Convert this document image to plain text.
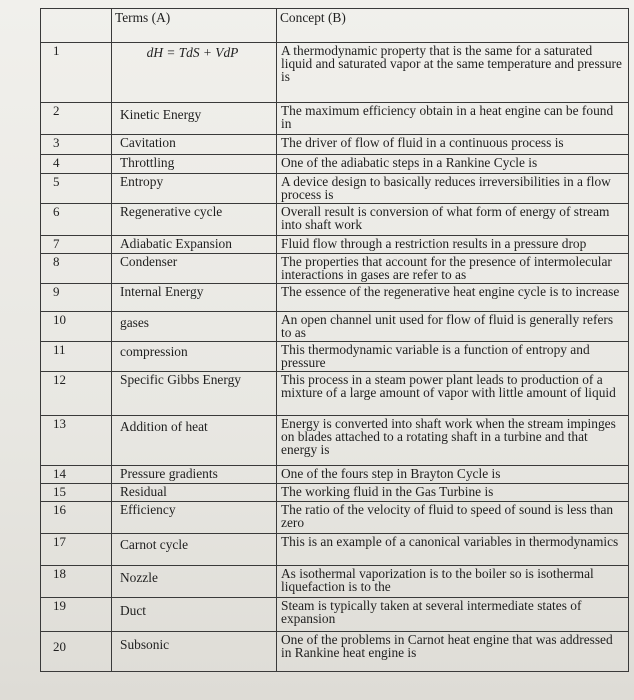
	Terms (A)	Concept (B)
1	dH = TdS + VdP	A thermodynamic property that is the same for a saturated liquid and saturated vapor at the same temperature and pressure is
2	Kinetic Energy	The maximum efficiency obtain in a heat engine can be found in
3	Cavitation	The driver of flow of fluid in a continuous process is
4	Throttling	One of the adiabatic steps in a Rankine Cycle is
5	Entropy	A device design to basically reduces irreversibilities in a flow process is
6	Regenerative cycle	Overall result is conversion of what form of energy of stream into shaft work
7	Adiabatic Expansion	Fluid flow through a restriction results in a pressure drop
8	Condenser	The properties that account for the presence of intermolecular interactions in gases are refer to as
9	Internal Energy	The essence of the regenerative heat engine cycle is to increase
10	gases	An open channel unit used for flow of fluid is generally refers to as
11	compression	This thermodynamic variable is a function of entropy and pressure
12	Specific Gibbs Energy	This process in a steam power plant leads to production of a mixture of a large amount of vapor with little amount of liquid
13	Addition of heat	Energy is converted into shaft work when the stream impinges on blades attached to a rotating shaft in a turbine and that energy is
14	Pressure gradients	One of the fours step in Brayton Cycle is
15	Residual	The working fluid in the Gas Turbine is
16	Efficiency	The ratio of the velocity of fluid to speed of sound is less than zero
17	Carnot cycle	This is an example of a canonical variables in thermodynamics
18	Nozzle	As isothermal vaporization is to the boiler so is isothermal liquefaction is to the
19	Duct	Steam is typically taken at several intermediate states of expansion
20	Subsonic	One of the problems in Carnot heat engine that was addressed in Rankine heat engine is
